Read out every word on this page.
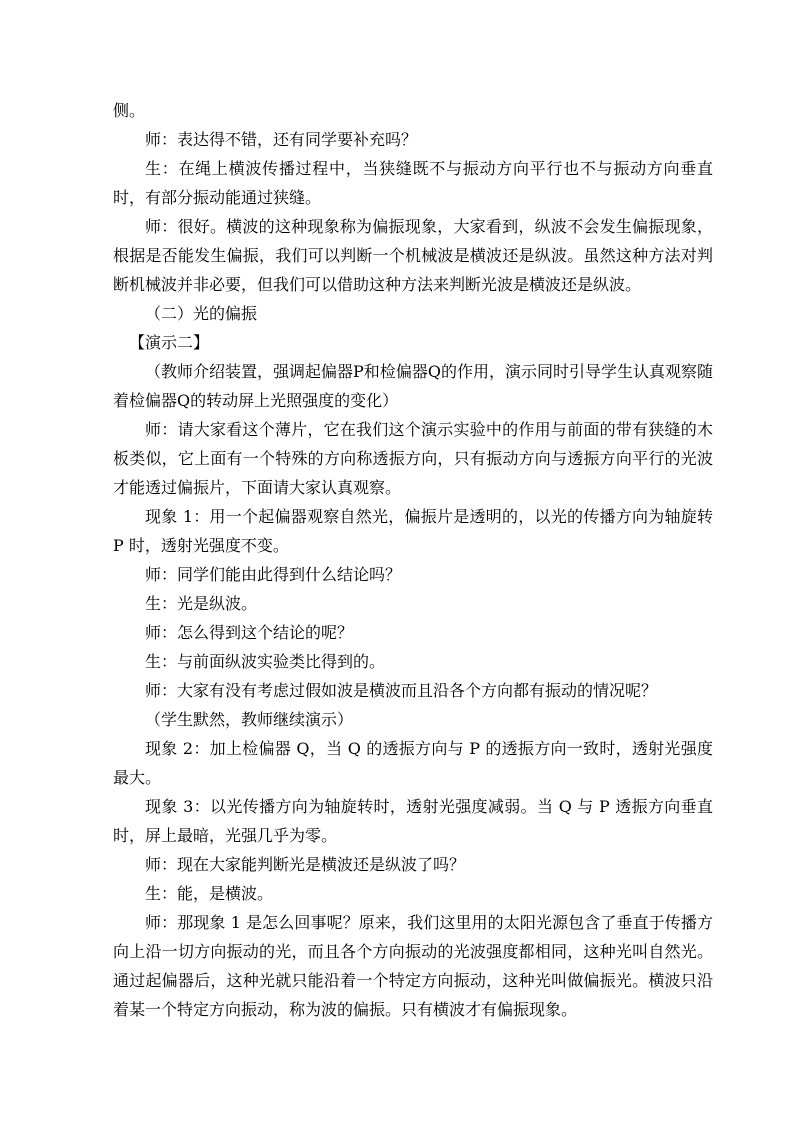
侧。

师：表达得不错，还有同学要补充吗？

生：在绳上横波传播过程中，当狭缝既不与振动方向平行也不与振动方向垂直时，有部分振动能通过狭缝。

师：很好。横波的这种现象称为偏振现象，大家看到，纵波不会发生偏振现象，根据是否能发生偏振，我们可以判断一个机械波是横波还是纵波。虽然这种方法对判断机械波并非必要，但我们可以借助这种方法来判断光波是横波还是纵波。

（二）光的偏振

【演示二】

（教师介绍装置，强调起偏器P和检偏器Q的作用，演示同时引导学生认真观察随着检偏器Q的转动屏上光照强度的变化）

师：请大家看这个薄片，它在我们这个演示实验中的作用与前面的带有狭缝的木板类似，它上面有一个特殊的方向称透振方向，只有振动方向与透振方向平行的光波才能透过偏振片，下面请大家认真观察。

现象 1：用一个起偏器观察自然光，偏振片是透明的，以光的传播方向为轴旋转 P 时，透射光强度不变。

师：同学们能由此得到什么结论吗？

生：光是纵波。

师：怎么得到这个结论的呢？

生：与前面纵波实验类比得到的。

师：大家有没有考虑过假如波是横波而且沿各个方向都有振动的情况呢？

（学生默然，教师继续演示）

现象 2：加上检偏器 Q，当 Q 的透振方向与 P 的透振方向一致时，透射光强度最大。

现象 3：以光传播方向为轴旋转时，透射光强度减弱。当 Q 与 P 透振方向垂直时，屏上最暗，光强几乎为零。

师：现在大家能判断光是横波还是纵波了吗？

生：能，是横波。

师：那现象 1 是怎么回事呢？原来，我们这里用的太阳光源包含了垂直于传播方向上沿一切方向振动的光，而且各个方向振动的光波强度都相同，这种光叫自然光。通过起偏器后，这种光就只能沿着一个特定方向振动，这种光叫做偏振光。横波只沿着某一个特定方向振动，称为波的偏振。只有横波才有偏振现象。
